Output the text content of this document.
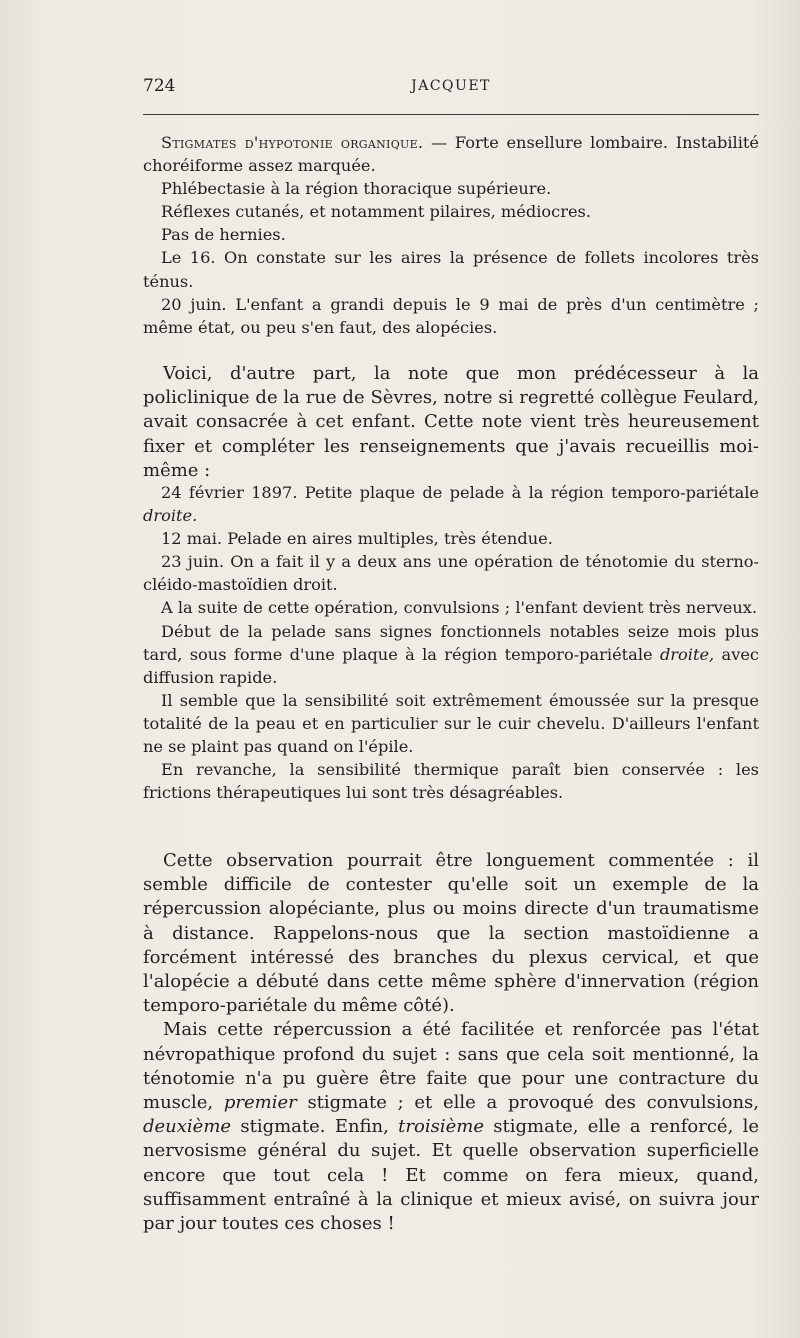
724	JACQUET

Stigmates d'hypotonie organique. — Forte ensellure lombaire. Instabilité choréiforme assez marquée.

Phlébectasie à la région thoracique supérieure.

Réflexes cutanés, et notamment pilaires, médiocres.

Pas de hernies.

Le 16. On constate sur les aires la présence de follets incolores très ténus.

20 juin. L'enfant a grandi depuis le 9 mai de près d'un centimètre ; même état, ou peu s'en faut, des alopécies.

Voici, d'autre part, la note que mon prédécesseur à la policlinique de la rue de Sèvres, notre si regretté collègue Feulard, avait consacrée à cet enfant. Cette note vient très heureusement fixer et compléter les renseignements que j'avais recueillis moi-même :

24 février 1897. Petite plaque de pelade à la région temporo-pariétale droite.

12 mai. Pelade en aires multiples, très étendue.

23 juin. On a fait il y a deux ans une opération de ténotomie du sterno-cléido-mastoïdien droit.

A la suite de cette opération, convulsions ; l'enfant devient très nerveux.

Début de la pelade sans signes fonctionnels notables seize mois plus tard, sous forme d'une plaque à la région temporo-pariétale droite, avec diffusion rapide.

Il semble que la sensibilité soit extrêmement émoussée sur la presque totalité de la peau et en particulier sur le cuir chevelu. D'ailleurs l'enfant ne se plaint pas quand on l'épile.

En revanche, la sensibilité thermique paraît bien conservée : les frictions thérapeutiques lui sont très désagréables.

Cette observation pourrait être longuement commentée : il semble difficile de contester qu'elle soit un exemple de la répercussion alopéciante, plus ou moins directe d'un traumatisme à distance. Rappelons-nous que la section mastoïdienne a forcément intéressé des branches du plexus cervical, et que l'alopécie a débuté dans cette même sphère d'innervation (région temporo-pariétale du même côté).

Mais cette répercussion a été facilitée et renforcée pas l'état névropathique profond du sujet : sans que cela soit mentionné, la ténotomie n'a pu guère être faite que pour une contracture du muscle, premier stigmate ; et elle a provoqué des convulsions, deuxième stigmate. Enfin, troisième stigmate, elle a renforcé, le nervosisme général du sujet. Et quelle observation superficielle encore que tout cela ! Et comme on fera mieux, quand, suffisamment entraîné à la clinique et mieux avisé, on suivra jour par jour toutes ces choses !
